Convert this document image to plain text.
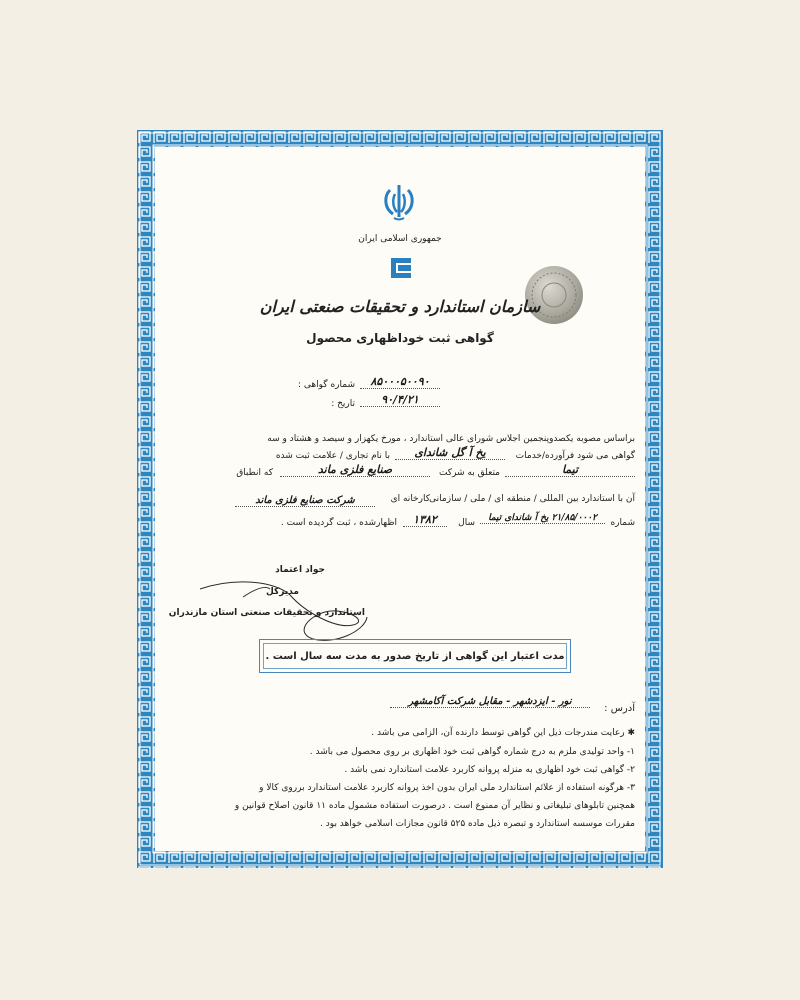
جمهوری اسلامی ایران
سازمان استاندارد و تحقیقات صنعتی ایران
گواهی ثبت خوداظهاری محصول
شماره گواهی :	۸۵۰۰۰۵۰۰۹۰
تاریخ :	۹۰/۴/۲۱
براساس مصوبه یکصدوپنجمین اجلاس شورای عالی استاندارد ، مورخ یکهزار و سیصد و هشتاد و سه
گواهی می شود فرآورده/خدمات
یخ آ گل شاندای
با نام تجاری / علامت ثبت شده
تیما
متعلق به شرکت
صنایع فلزی ماند
که انطباق
آن با استاندارد بین المللی / منطقه ای / ملی / سازمانی
کارخانه ای
شرکت صنایع فلزی ماند
شماره
۲۱/۸۵/۰۰۰۲ یخ آ شاندای تیما
سال
۱۳۸۲
اظهارشده ، ثبت گردیده است .
جواد اعتماد
مدیرکل
استاندارد و تحقیقات صنعتی استان مازندران
مدت اعتبار این گواهی از تاریخ صدور به مدت سه سال است .
آدرس :
نور - ایزدشهر - مقابل شرکت آکامشهر
✱ رعایت مندرجات ذیل این گواهی توسط دارنده آن، الزامی می باشد .
۱- واحد تولیدی ملزم به درج شماره گواهی ثبت خود اظهاری بر روی محصول می باشد .
۲- گواهی ثبت خود اظهاری به منزله پروانه کاربرد علامت استاندارد نمی باشد .
۳- هرگونه استفاده از علائم استاندارد ملی ایران بدون اخذ پروانه کاربرد علامت استاندارد برروی کالا و
همچنین تابلوهای تبلیغاتی و نظایر آن ممنوع است . درصورت استفاده مشمول ماده ۱۱ قانون اصلاح قوانین و
مقررات موسسه استاندارد و تبصره ذیل ماده ۵۲۵ قانون مجازات اسلامی خواهد بود .
